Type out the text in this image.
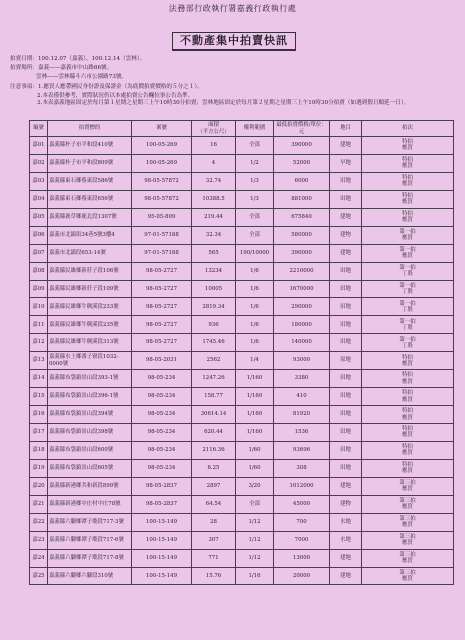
法務部行政執行署嘉義行政執行處
不動產集中拍賣快訊
拍賣日期：100.12.07（嘉義）、100.12.14（雲林）。
拍賣場所：嘉義——嘉義市中山路86號。
雲林——雲林縣斗六市公園路73號。
注意事項：1.應買人應帶國民身份證及保證金（為底價拍賣價格的５分之１）。
2.本表僅供參考，實際狀況仍以本處拍賣公告欄位事公告為準。
3.本表嘉義地區固定於每月第１星期之星期三上午10時30分拍賣；雲林地區固定於每月第２星期之星期三上午10時30分拍賣（如遇到假日順延一日）。
編號	拍賣標的	案號	面積
（平方公尺）	權利範圍	最低拍賣價格/單位：元	地目	拍次
嘉01	嘉義縣朴子市平和段410號	100-05-269	16	全部	390000	建地	特拍
應買
嘉02	嘉義縣朴子市平和段809號	100-05-269	4	1/2	52000	旱地	特拍
應買
嘉03	嘉義縣東石鄉蔡東段586號	98-05-57872	32.74	1/3	6000	田地	特拍
應買
嘉04	嘉義縣東石鄉蔡東段656號	98-05-57872	10388.5	1/3	881000	田地	特拍
應買
嘉05	嘉義縣鹿草鄉鹿北段1307號	95-05-809	219.44	全部	675840	建地	特拍
應買
嘉06	嘉義市北鎮街34巷5號3樓4	97-01-57188	32.34	全部	580000	建物	第一拍
應買
嘉07	嘉義市北鎮段653-14號	97-01-57188	565	190/10000	390000	建地	第一拍
應買
嘉08	嘉義縣民雄鄉新莊子段106號	98-05-2727	13234	1/6	2210000	田地	第一拍
丁股
嘉09	嘉義縣民雄鄉新莊子段109號	98-05-2727	10005	1/6	1670000	田地	第一拍
丁股
嘉10	嘉義縣民雄鄉牛稠溪段233號	98-05-2727	2819.34	1/6	290000	田地	第一拍
丁股
嘉11	嘉義縣民雄鄉牛稠溪段235號	98-05-2727	936	1/6	180000	田地	第一拍
丁股
嘉12	嘉義縣民雄鄉牛稠溪段313號	98-05-2727	1745.46	1/6	140000	田地	第一拍
丁股
嘉13	嘉義縣水上鄉番子寮段1032-0000號	98-05-2031	2562	1/4	93000	原地	特拍
應買
嘉14	嘉義縣布袋鎮景山段393-1號	98-05-234	1247.26	1/160	3380	田地	特拍
應買
嘉15	嘉義縣布袋鎮景山段396-1號	98-05-234	158.77	1/160	410	田地	特拍
應買
嘉16	嘉義縣布袋鎮景山段394號	98-05-234	30614.14	1/160	81920	田地	特拍
應買
嘉17	嘉義縣布袋鎮景山段398號	98-05-234	620.44	1/160	1536	田地	特拍
應買
嘉18	嘉義縣布袋鎮景山段600號	98-05-234	2116.36	1/60	93696	田地	特拍
應買
嘉19	嘉義縣布袋鎮景山段605號	98-05-234	6.25	1/60	308	田地	特拍
應買
嘉20	嘉義縣新港鄉共和新段899號	98-05-2837	2897	3/20	1012000	建地	第三拍
應買
嘉21	嘉義縣新港鄉中庄村中庄78號	98-05-2837	64.54	全部	45000	建物	第三拍
應買
嘉22	嘉義縣六腳鄉潭子墘段717-3號	100-15-149	28	1/12	700	水地	第三拍
應買
嘉23	嘉義縣六腳鄉潭子墘段717-6號	100-15-149	307	1/12	7000	水地	第三拍
應買
嘉24	嘉義縣六腳鄉潭子墘段717-8號	100-15-149	771	1/12	13000	建地	第三拍
應買
嘉25	嘉義縣六腳鄉六腳段310號	100-15-149	15.76	1/16	20000	建地	第三拍
應買
